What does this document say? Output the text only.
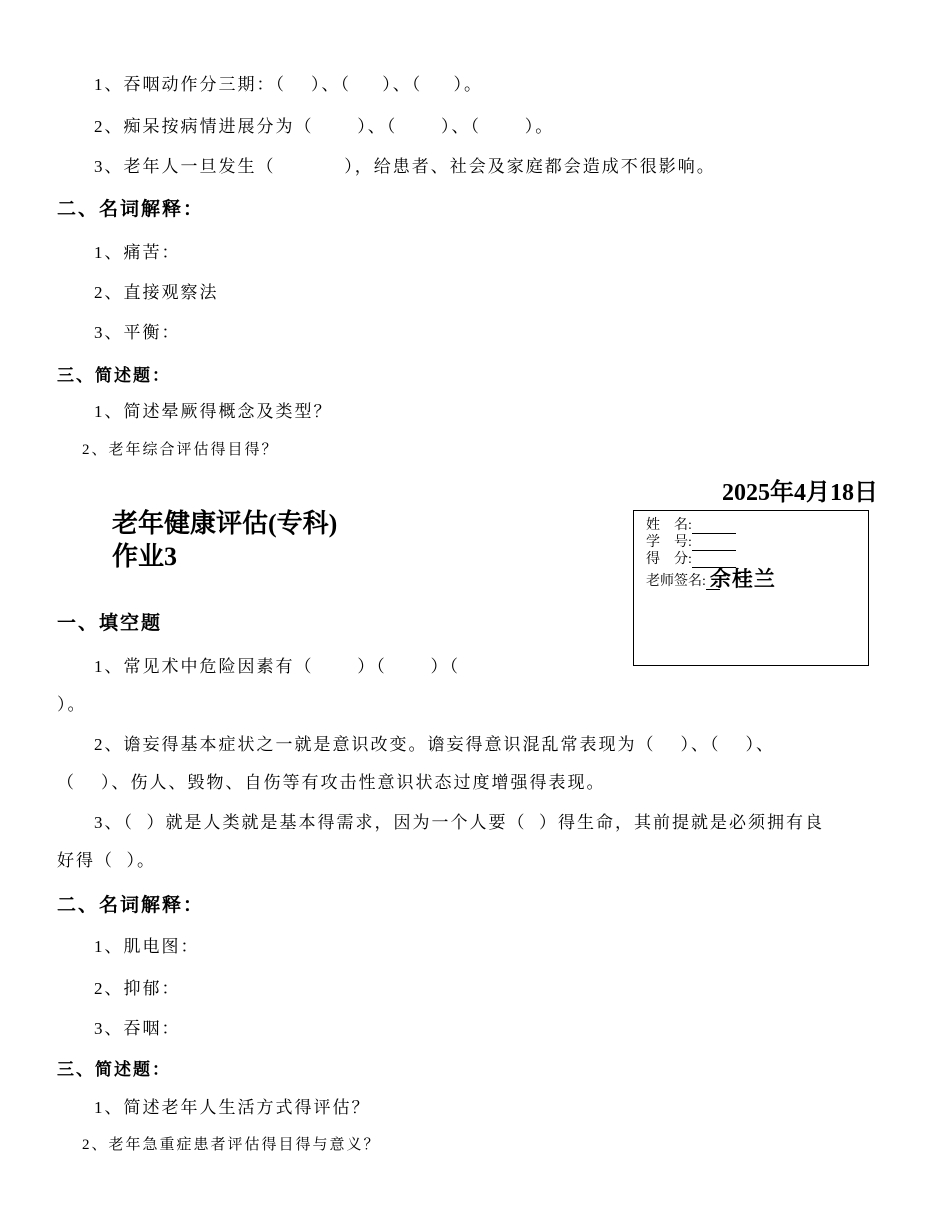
1、吞咽动作分三期：（    ）、（     ）、（     ）。
2、痴呆按病情进展分为（       ）、（       ）、（       ）。
3、老年人一旦发生（           ），给患者、社会及家庭都会造成不很影响。
二、名词解释：
1、痛苦：
2、直接观察法
3、平衡：
三、简述题：
1、简述晕厥得概念及类型？
2、老年综合评估得目得？
2025年4月18日
老年健康评估(专科)
作业3
姓    名:
学    号:
得    分:
老师签名: 余桂兰
一、填空题
1、常见术中危险因素有（       ）（       ）（
）。
2、谵妄得基本症状之一就是意识改变。谵妄得意识混乱常表现为（    ）、（    ）、
（    ）、伤人、毁物、自伤等有攻击性意识状态过度增强得表现。
3、（  ）就是人类就是基本得需求，因为一个人要（  ）得生命，其前提就是必须拥有良
好得（  ）。
二、名词解释：
1、肌电图：
2、抑郁：
3、吞咽：
三、简述题：
1、简述老年人生活方式得评估？
2、老年急重症患者评估得目得与意义？
